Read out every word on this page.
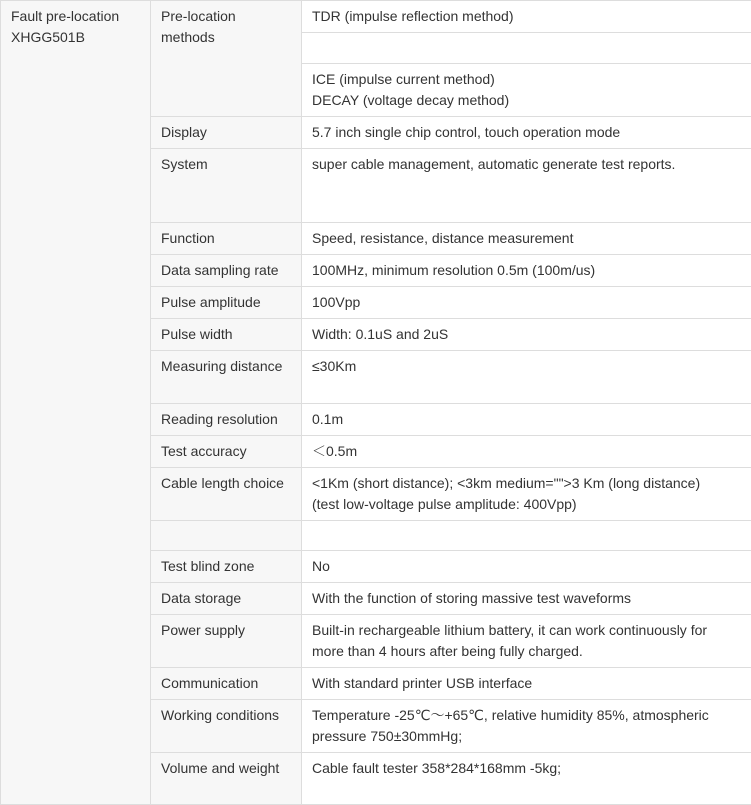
Fault pre-location
XHGG501B	Pre-location methods	TDR (impulse reflection method)

		ICE (impulse current method)
DECAY (voltage decay method)
	Display	5.7 inch single chip control, touch operation mode
	System	super cable management, automatic generate test reports.
	Function	Speed, resistance, distance measurement
	Data sampling rate	100MHz, minimum resolution 0.5m (100m/us)
	Pulse amplitude	100Vpp
	Pulse width	Width: 0.1uS and 2uS
	Measuring distance	≤30Km
	Reading resolution	0.1m
	Test accuracy	＜0.5m
	Cable length choice	<1Km (short distance); <3km medium="">3 Km (long distance)
(test low-voltage pulse amplitude: 400Vpp)

	Test blind zone	No
	Data storage	With the function of storing massive test waveforms
	Power supply	Built-in rechargeable lithium battery, it can work continuously for more than 4 hours after being fully charged.
	Communication	With standard printer USB interface
	Working conditions	Temperature -25℃～+65℃, relative humidity 85%, atmospheric pressure 750±30mmHg;
	Volume and weight	Cable fault tester 358*284*168mm -5kg;
